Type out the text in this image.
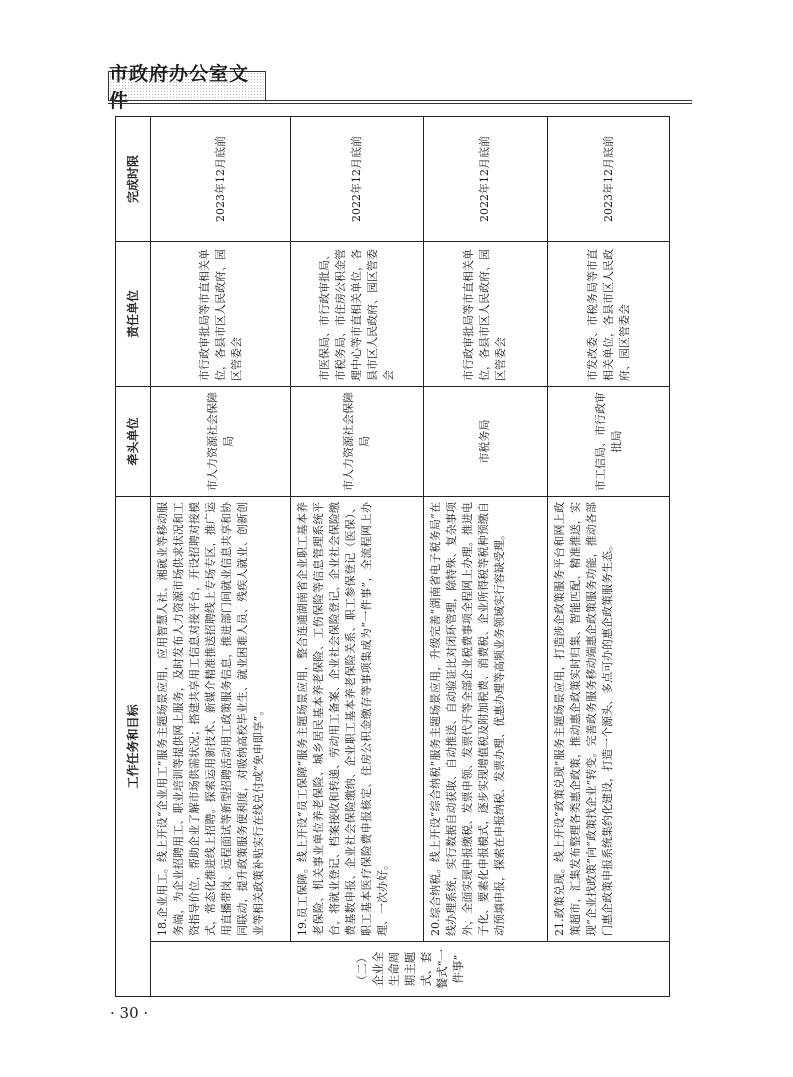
市政府办公室文件
工作任务和目标		牵头单位	责任单位	完成时限
（二）企业全生命周期主题式、套餐式“一件事”	18.企业用工。线上开设“企业用工”服务主题场景应用，应用智慧人社、湘就业等移动服务端，为企业招聘用工、职业培训等提供网上服务，及时发布人力资源市场供求状况和工资指导价位，帮助企业了解市场供需状况；搭建共享用工信息对接平台，开设招聘对接模式，常态化推进线上招聘。探索运用新技术、新媒介精准推送招聘线上专场专区，推广运用直播带岗、远程面试等新型招聘活动用工政策服务信息，推进部门间就业信息共享和协同联动，提升政策服务便利度，对吸纳高校毕业生、就业困难人员、残疾人就业、创新创业等相关政策补贴实行在线兑付或“免申即享”。	市人力资源社会保障局	市行政审批局等市直相关单位，各县市区人民政府、园区管委会	2023年12月底前
	19.员工保障。线上开设“员工保障”服务主题场景应用，整合连通湖南省企业职工基本养老保险、机关事业单位养老保险、城乡居民基本养老保险、工伤保险等信息管理系统平台，将就业登记、档案接收和转递、劳动用工备案、企业社会保险登记、企业社会保险缴费基数申报、企业社会保险缴纳、企业职工基本养老保险关系、职工参保登记（医保）、职工基本医疗保险费申报核定、住房公积金缴存等事项集成为“一件事”，全流程网上办理、一次办好。	市人力资源社会保障局	市医保局、市行政审批局、市税务局、市住房公积金管理中心等市直相关单位，各县市区人民政府、园区管委会	2022年12月底前
	20.综合纳税。线上开设“综合纳税”服务主题场景应用，升级完善“湖南省电子税务局”在线办理系统，实行数据自动获取、自动推送、自动验证比对闭环管理，除特殊、复杂事项外，全面实现申报缴税、发票申领、发票代开等全部企业税费事项全程网上办理。推进电子化、要素化申报模式，逐步实现增值税及附加税费、消费税、企业所得税等税种预缴自动预填申报，探索在申报纳税、发票办理、优惠办理等高频业务领域实行容缺受理。	市税务局	市行政审批局等市直相关单位，各县市区人民政府、园区管委会	2022年12月底前
	21.政策兑现。线上开设“政策兑现”服务主题场景应用，打造涉企政策服务平台和网上政策超市，汇集发布整理各类惠企政策，推动惠企政策实时归集、智能匹配、精准推送，实现“企业找政策”向“政策找企业”转变。完善政务服务移动端惠企政策服务功能，推动各部门惠企政策申报系统集约化建设，打造一个源头、多点可办的惠企政策服务生态。	市工信局、市行政审批局	市发改委、市税务局等市直相关单位，各县市区人民政府、园区管委会	2023年12月底前
· 30 ·
